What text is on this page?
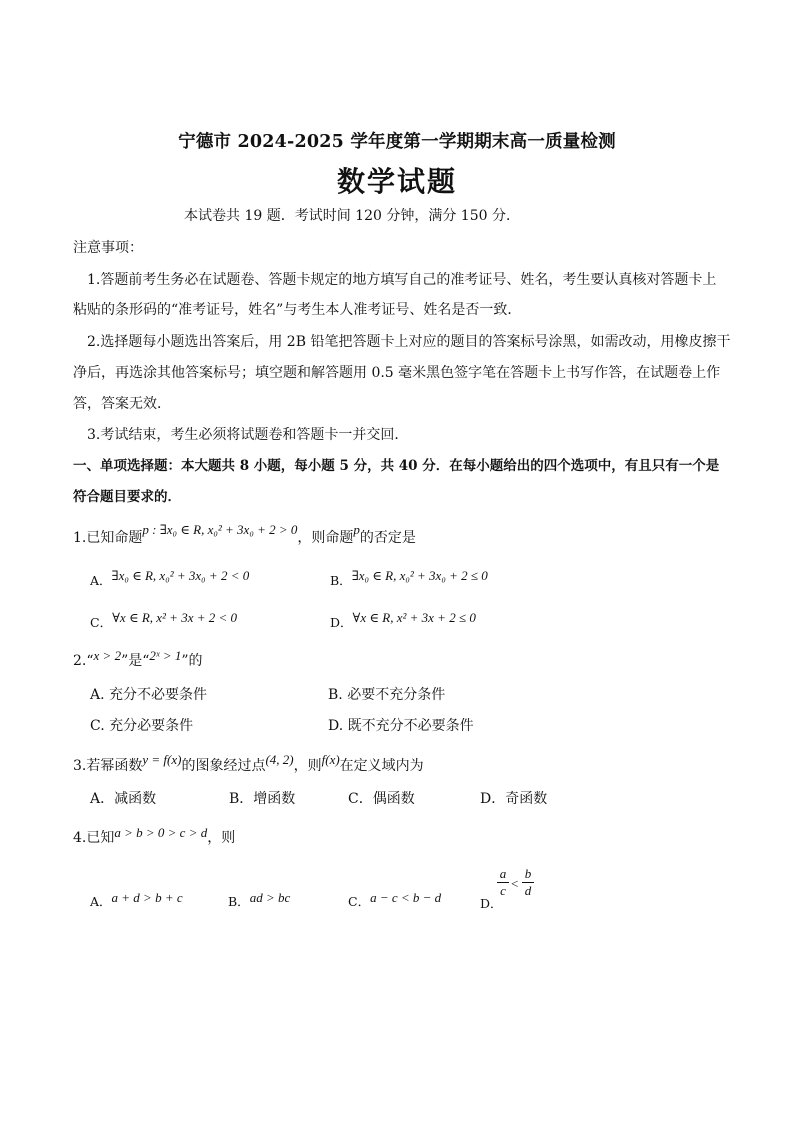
宁德市 2024-2025 学年度第一学期期末高一质量检测
数学试题
本试卷共 19 题．考试时间 120 分钟，满分 150 分．
注意事项：
1.答题前考生务必在试题卷、答题卡规定的地方填写自己的准考证号、姓名，考生要认真核对答题卡上
粘贴的条形码的“准考证号，姓名”与考生本人准考证号、姓名是否一致．
2.选择题每小题选出答案后，用 2B 铅笔把答题卡上对应的题目的答案标号涂黑，如需改动，用橡皮擦干
净后，再选涂其他答案标号；填空题和解答题用 0.5 毫米黑色签字笔在答题卡上书写作答，在试题卷上作
答，答案无效．
3.考试结束，考生必须将试题卷和答题卡一并交回．
一、单项选择题：本大题共 8 小题，每小题 5 分，共 40 分．在每小题给出的四个选项中，有且只有一个是
符合题目要求的．
1.已知命题p : ∃x₀ ∈ R, x₀² + 3x₀ + 2 > 0，则命题p的否定是
A．∃x₀ ∈ R, x₀² + 3x₀ + 2 < 0	B．∃x₀ ∈ R, x₀² + 3x₀ + 2 ≤ 0
C．∀x ∈ R, x² + 3x + 2 < 0	D．∀x ∈ R, x² + 3x + 2 ≤ 0
2.“x > 2”是“2ˣ > 1”的
A. 充分不必要条件	B. 必要不充分条件
C. 充分必要条件	D. 既不充分不必要条件
3.若幂函数y = f(x)的图象经过点(4, 2)，则f(x)在定义域内为
A．减函数	B．增函数	C．偶函数	D．奇函数
4.已知a > b > 0 > c > d，则
A．a + d > b + c	B．ad > bc	C．a − c < b − d	D．
$\frac{a}{c} < \frac{b}{d}$
